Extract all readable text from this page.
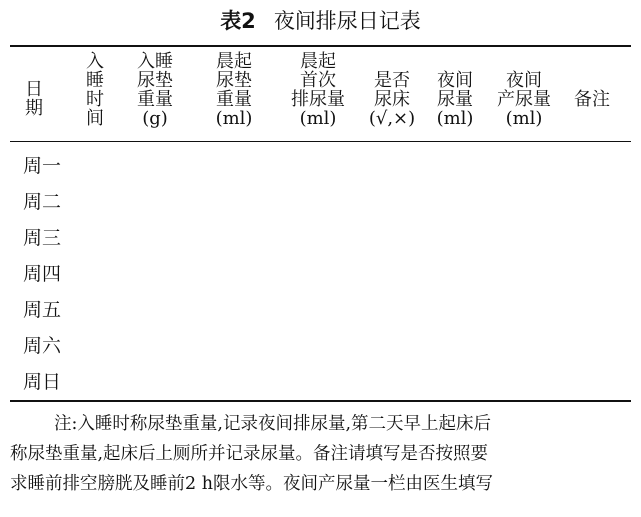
表2 夜间排尿日记表
日
期
入
睡
时
间
入睡
尿垫
重量
(g)
晨起
尿垫
重量
(ml)
晨起
首次
排尿量
(ml)
是否
尿床
(√,×)
夜间
尿量
(ml)
夜间
产尿量
(ml)
备注
周一
周二
周三
周四
周五
周六
周日

注:入睡时称尿垫重量,记录夜间排尿量,第二天早上起床后

称尿垫重量,起床后上厕所并记录尿量。备注请填写是否按照要

求睡前排空膀胱及睡前2 h限水等。夜间产尿量一栏由医生填写
